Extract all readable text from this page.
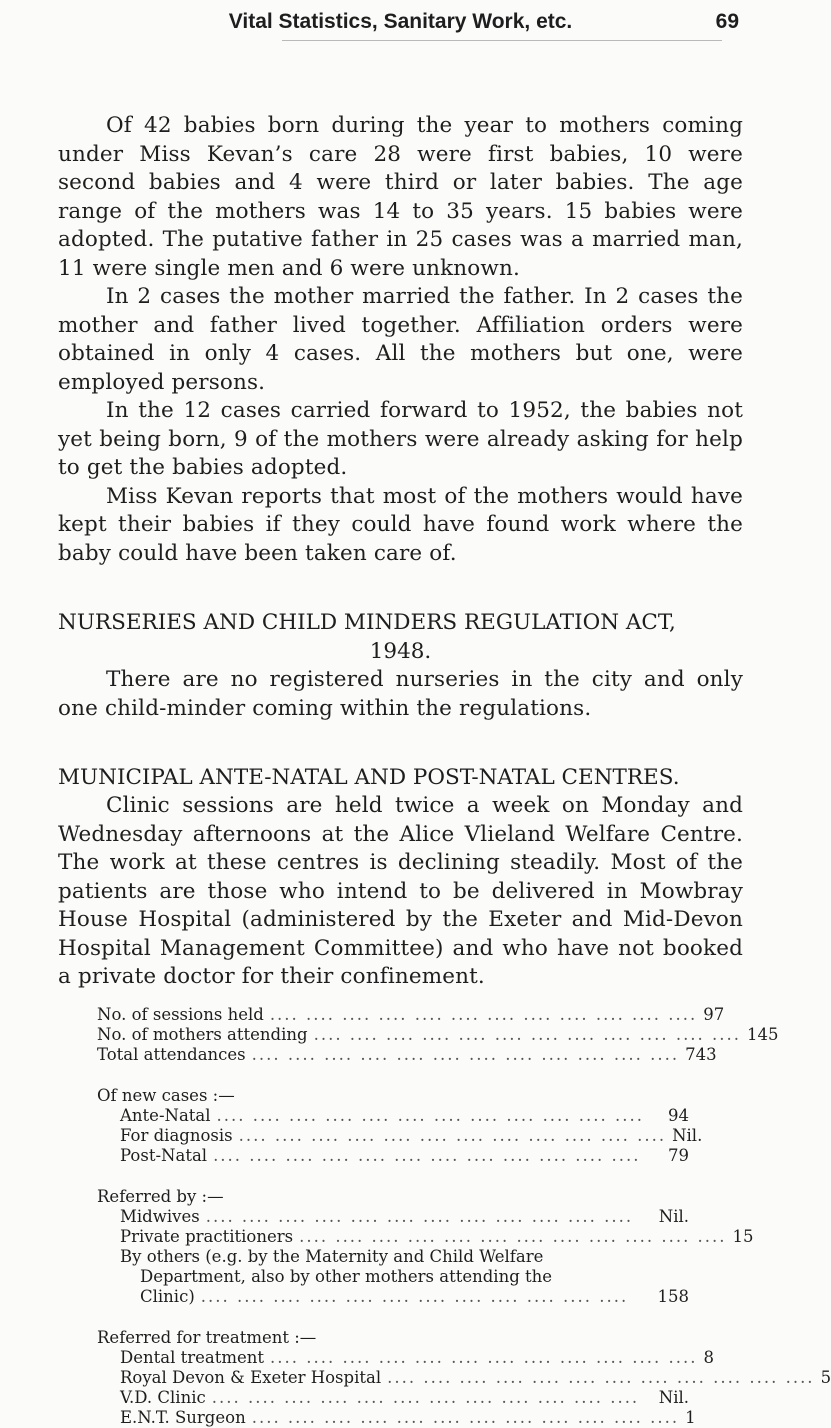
Vital Statistics, Sanitary Work, etc.	69

Of 42 babies born during the year to mothers coming under Miss Kevan’s care 28 were first babies, 10 were second babies and 4 were third or later babies. The age range of the mothers was 14 to 35 years. 15 babies were adopted. The putative father in 25 cases was a married man, 11 were single men and 6 were unknown.

In 2 cases the mother married the father. In 2 cases the mother and father lived together. Affiliation orders were obtained in only 4 cases. All the mothers but one, were employed persons.

In the 12 cases carried forward to 1952, the babies not yet being born, 9 of the mothers were already asking for help to get the babies adopted.

Miss Kevan reports that most of the mothers would have kept their babies if they could have found work where the baby could have been taken care of.

NURSERIES AND CHILD MINDERS REGULATION ACT,
1948.

There are no registered nurseries in the city and only one child-minder coming within the regulations.

MUNICIPAL ANTE-NATAL AND POST-NATAL CENTRES.

Clinic sessions are held twice a week on Monday and Wednesday afternoons at the Alice Vlieland Welfare Centre. The work at these centres is declining steadily. Most of the patients are those who intend to be delivered in Mowbray House Hospital (administered by the Exeter and Mid-Devon Hospital Management Committee) and who have not booked a private doctor for their confinement.

No. of sessions held .... .... .... .... .... .... .... .... .... .... .... .... 97
No. of mothers attending .... .... .... .... .... .... .... .... .... .... .... .... 145
Total attendances .... .... .... .... .... .... .... .... .... .... .... .... 743
Of new cases :—
Ante-Natal .... .... .... .... .... .... .... .... .... .... .... ....	94
For diagnosis .... .... .... .... .... .... .... .... .... .... .... .... Nil.
Post-Natal .... .... .... .... .... .... .... .... .... .... .... ....	79
Referred by :—
Midwives .... .... .... .... .... .... .... .... .... .... .... ....	Nil.
Private practitioners .... .... .... .... .... .... .... .... .... .... .... .... 15
By others (e.g. by the Maternity and Child Welfare
Department, also by other mothers attending the
Clinic) .... .... .... .... .... .... .... .... .... .... .... ....	158
Referred for treatment :—
Dental treatment .... .... .... .... .... .... .... .... .... .... .... .... 8
Royal Devon & Exeter Hospital .... .... .... .... .... .... .... .... .... .... .... .... 5
V.D. Clinic .... .... .... .... .... .... .... .... .... .... .... ....	Nil.
E.N.T. Surgeon .... .... .... .... .... .... .... .... .... .... .... .... 1
